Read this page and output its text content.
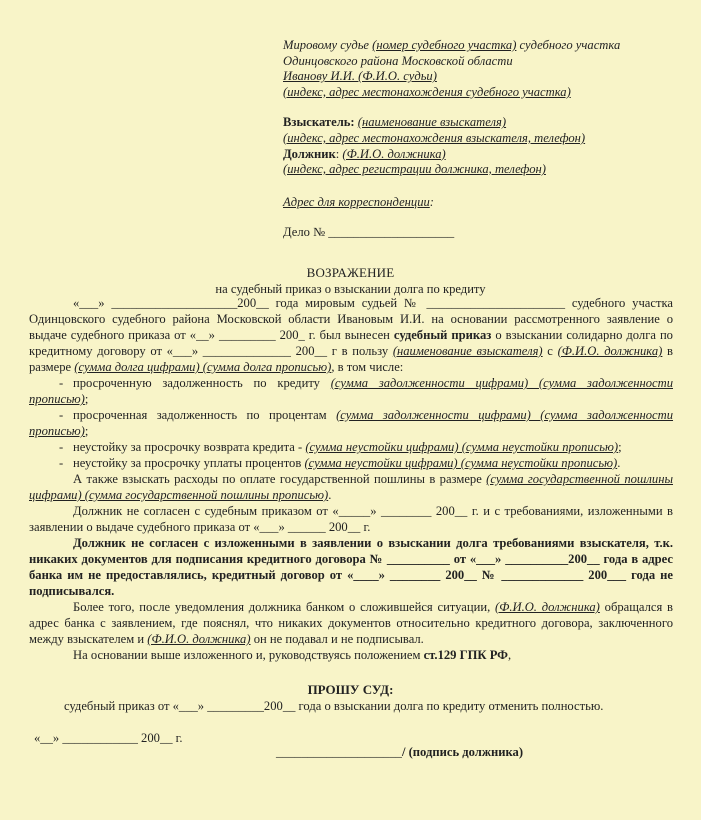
Мировому судье (номер судебного участка) судебного участка
Одинцовского района Московской области
Иванову И.И. (Ф.И.О. судьи)
(индекс, адрес местонахождения судебного участка)
Взыскатель: (наименование взыскателя)
(индекс, адрес местонахождения взыскателя, телефон)
Должник: (Ф.И.О. должника)
(индекс, адрес регистрации должника, телефон)
Адрес для корреспонденции:
Дело № ____________________
ВОЗРАЖЕНИЕ
на судебный приказ о взыскании долга по кредиту

«___» ____________________200__ года мировым судьей № ______________________ судебного участка Одинцовского судебного района Московской области Ивановым И.И. на основании рассмотренного заявление о выдаче судебного приказа от «__» _________ 200_ г. был вынесен судебный приказ о взыскании солидарно долга по кредитному договору от «___» ______________ 200__ г в пользу (наименование взыскателя) с (Ф.И.О. должника) в размере (сумма долга цифрами) (сумма долга прописью), в том числе:

- просроченную задолженность по кредиту (сумма задолженности цифрами) (сумма задолженности прописью);

- просроченная задолженность по процентам (сумма задолженности цифрами) (сумма задолженности прописью);

- неустойку за просрочку возврата кредита - (сумма неустойки цифрами) (сумма неустойки прописью);

- неустойку за просрочку уплаты процентов (сумма неустойки цифрами) (сумма неустойки прописью).

А также взыскать расходы по оплате государственной пошлины в размере (сумма государственной пошлины цифрами) (сумма государственной пошлины прописью).

Должник не согласен с судебным приказом от «_____» ________ 200__ г. и с требованиями, изложенными в заявлении о выдаче судебного приказа от «___» ______ 200__ г.

Должник не согласен с изложенными в заявлении о взыскании долга требованиями взыскателя, т.к. никаких документов для подписания кредитного договора № __________ от «___» __________200__ года в адрес банка им не предоставлялись, кредитный договор от «____» ________ 200__ № _____________ 200___ года не подписывался.

Более того, после уведомления должника банком о сложившейся ситуации, (Ф.И.О. должника) обращался в адрес банка с заявлением, где пояснял, что никаких документов относительно кредитного договора, заключенного между взыскателем и (Ф.И.О. должника) он не подавал и не подписывал.

На основании выше изложенного и, руководствуясь положением ст.129 ГПК РФ,

ПРОШУ СУД:
судебный приказ от «___» _________200__ года о взыскании долга по кредиту отменить полностью.
«__» ____________ 200__ г.
____________________/ (подпись должника)
